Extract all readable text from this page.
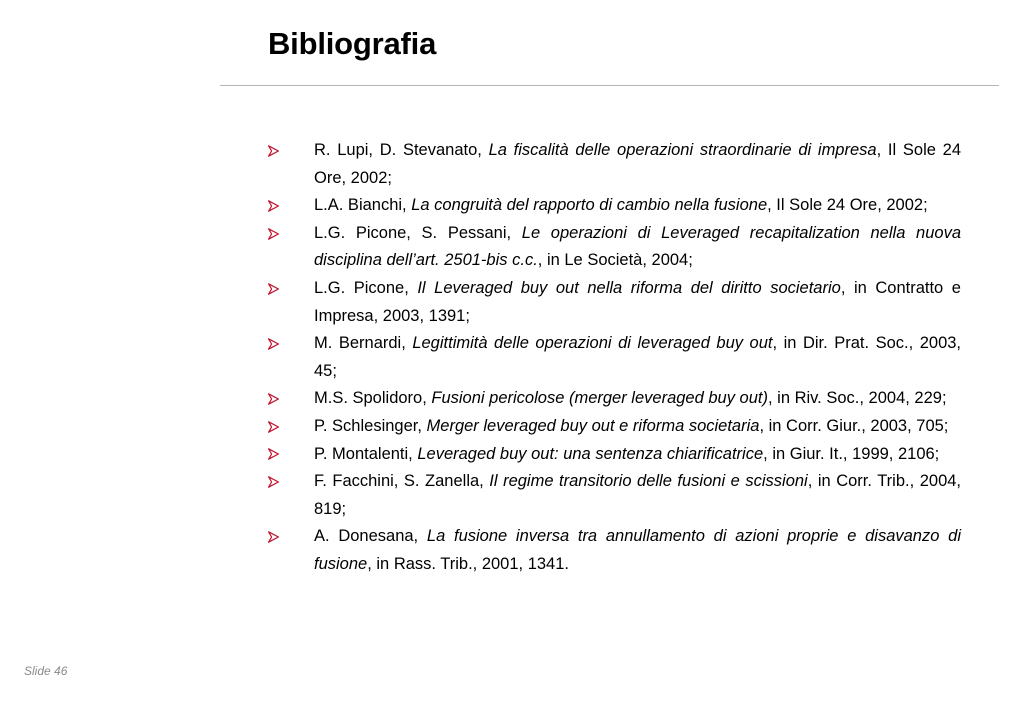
Bibliografia
R. Lupi, D. Stevanato, La fiscalità delle operazioni straordinarie di impresa, Il Sole 24 Ore, 2002;
L.A. Bianchi, La congruità del rapporto di cambio nella fusione, Il Sole 24 Ore, 2002;
L.G. Picone, S. Pessani, Le operazioni di Leveraged recapitalization nella nuova disciplina dell’art. 2501-bis c.c., in Le Società, 2004;
L.G. Picone, Il Leveraged buy out nella riforma del diritto societario, in Contratto e Impresa, 2003, 1391;
M. Bernardi, Legittimità delle operazioni di leveraged buy out, in Dir. Prat. Soc., 2003, 45;
M.S. Spolidoro, Fusioni pericolose (merger leveraged buy out), in Riv. Soc., 2004, 229;
P. Schlesinger, Merger leveraged buy out e riforma societaria, in Corr. Giur., 2003, 705;
P. Montalenti, Leveraged buy out: una sentenza chiarificatrice, in Giur. It., 1999, 2106;
F. Facchini, S. Zanella, Il regime transitorio delle fusioni e scissioni, in Corr. Trib., 2004, 819;
A. Donesana, La fusione inversa tra annullamento di azioni proprie e disavanzo di fusione, in Rass. Trib., 2001, 1341.
Slide 46
